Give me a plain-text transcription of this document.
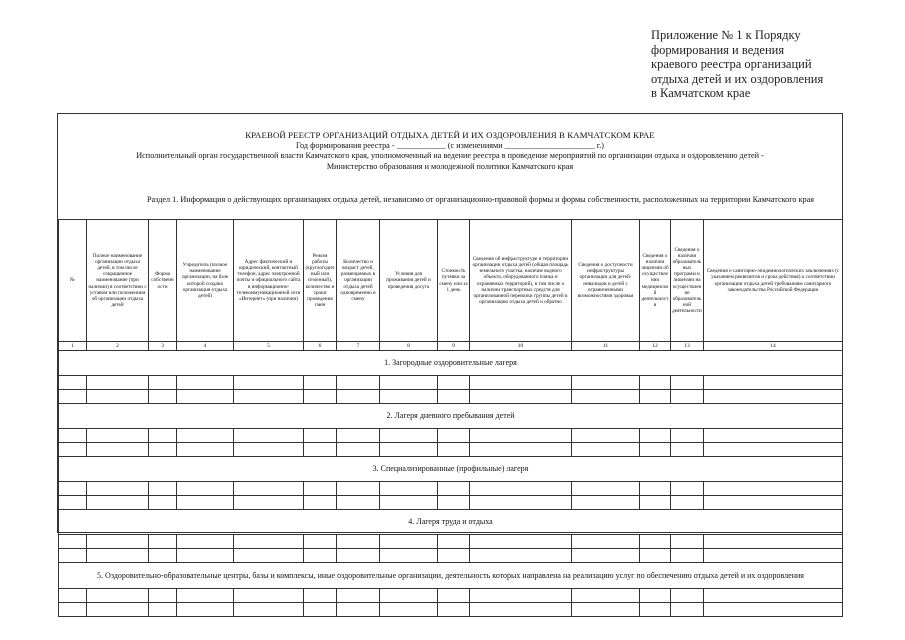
Приложение № 1 к Порядку
формирования и ведения
краевого реестра организаций
отдыха детей и их оздоровления
в Камчатском крае
КРАЕВОЙ РЕЕСТР ОРГАНИЗАЦИЙ ОТДЫХА ДЕТЕЙ И ИХ ОЗДОРОВЛЕНИЯ В КАМЧАТСКОМ КРАЕ
Год формирования реестра - ____________ (с изменениями ______________________ г.)
Исполнительный орган государственной власти Камчатского края, уполномоченный на ведение реестра в проведение мероприятий по организации отдыха и оздоровлению детей -
Министерство образования и молодежной политики Камчатского края
Раздел 1. Информация о действующих организациях отдыха детей, независимо от организационно-правовой формы и формы собственности, расположенных на территории Камчатского края
№	Полное наименование организации отдыха детей, в том числе сокращенное наименование (при наличии) в соответствии с уставом или положением об организации отдыха детей	Форма собственности	Учредитель (полное наименование организации, на базе которой создана организация отдыха детей)	Адрес фактический и юридический, контактный телефон, адрес электронной почты и официального сайта в информационно-телекоммуникационной сети «Интернет» (при наличии)	Режим работы (круглогодичный или сезонный), количество и сроки проведения смен	Количество и возраст детей, размещаемых в организации отдыха детей одновременно в смену	Условия для проживания детей и проведения досуга	Стоимость путевки за смену или за 1 день	Сведения об инфраструктуре и территории организации отдыха детей (общая площадь земельного участка, наличие водного объекта, оборудованного пляжа и охраняемых территорий), в том числе о наличии транспортных средств для организованной перевозки группы детей в организацию отдыха детей и обратно	Сведения о доступности инфраструктуры организации для детей-инвалидов и детей с ограниченными возможностями здоровья	Сведения о наличии лицензии об осуществлении медицинской деятельности	Сведения о наличии образовательных программ и лицензии на осуществление образовательной деятельности	Сведения о санитарно-эпидемиологических заключениях (с указанием реквизитов и срока действия) о соответствии организации отдыха детей требованиям санитарного законодательства Российской Федерации
1	2	3	4	5	6	7	8	9	10	11	12	13	14
1. Загородные оздоровительные лагеря													

2. Лагеря дневного пребывания детей													

3. Специализированные (профильные) лагеря													

4. Лагеря труда и отдыха													

5. Оздоровительно-образовательные центры, базы и комплексы, иные оздоровительные организации, деятельность которых направлена на реализацию услуг по обеспечению отдыха детей и их оздоровления													
